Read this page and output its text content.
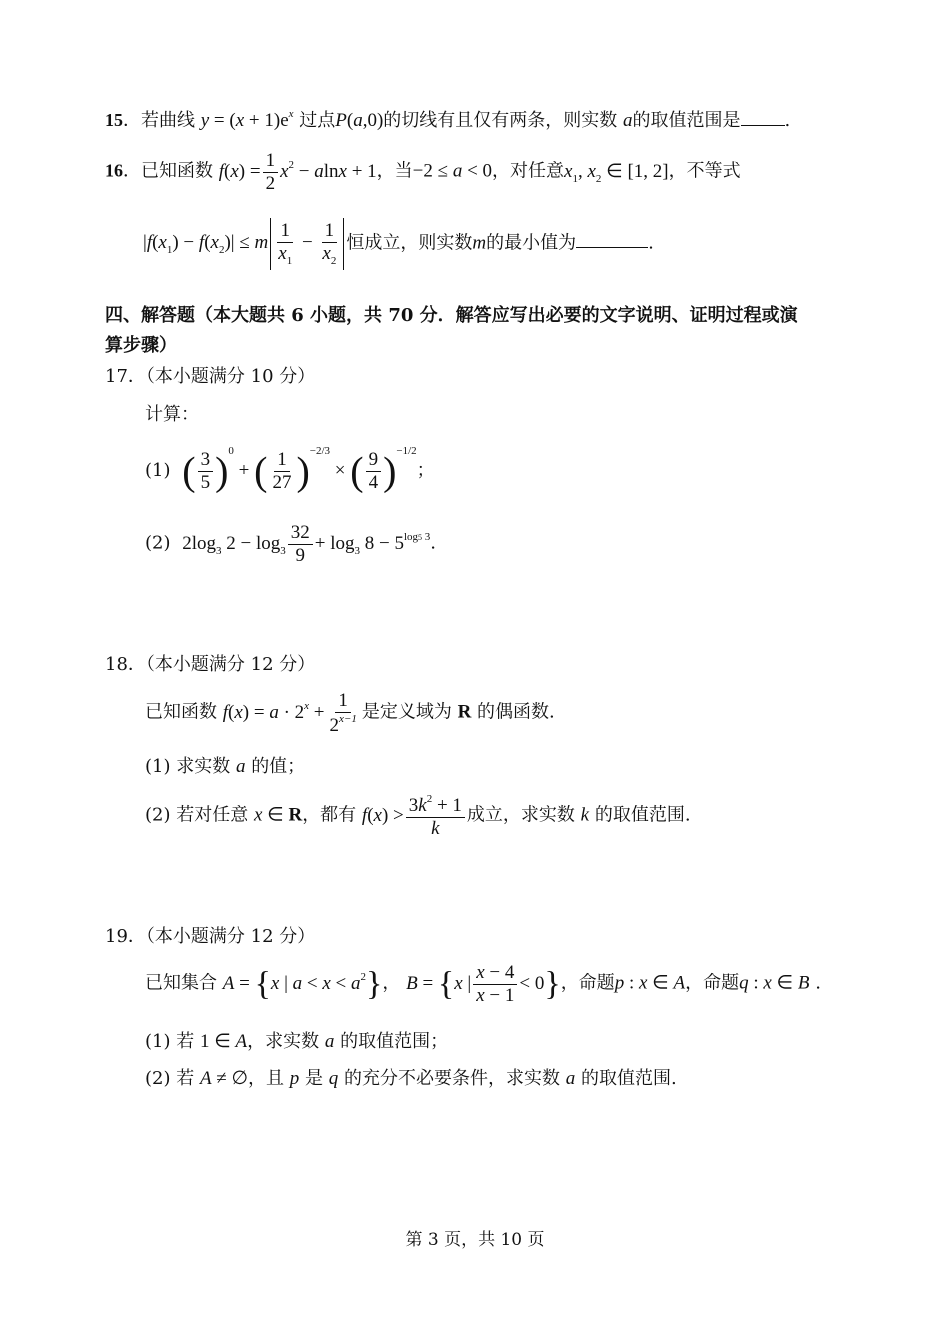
15．若曲线 $y = (x + 1)e^x$ 过点P(a,0)的切线有且仅有两条，则实数 a的取值范围是 .
16．已知函数 $f(x) = \frac{1}{2} x^2 - alnx + 1$，当−2 ≤ a < 0，对任意$x_1$, $x_2$ ∈ [1, 2]，不等式
$|f(x_1) - f(x_2)| \le m \frac{1}{x_1} - \frac{1}{x_2}$ 恒成立，则实数m的最小值为	.
四、解答题（本大题共 6 小题，共 70 分．解答应写出必要的文字说明、证明过程或演
算步骤）
17．（本小题满分 10 分）
计算：
(1) ( $\frac{3}{5} )^0$ + ( $\frac{1}{27} )^{-2/3}$ × ( $\frac{9}{4} )^{-1/2}$；
(2) $2\log_3$ $2 - \log_3 \frac{32}{9} + \log_3 8 - 5^{log5 3}$.
18．（本小题满分 12 分）
已知函数 $f(x) = a \cdot 2^x + \frac{1}{2^{x-1}}$ 是定义域为 R 的偶函数.
(1) 求实数 a 的值；
(2) 若对任意 x ∈ R，都有 $f(x) > \frac{3k^2 + 1}{k}$ 成立，求实数 k 的取值范围.
19．（本小题满分 12 分）
已知集合 A = {x | $a < x < a^2$}， B = {x | $\frac{x - 4}{x - 1} < 0$}，命题p : x ∈ A，命题q : x ∈ B .
(1) 若 1 ∈ A，求实数 a 的取值范围；
(2) 若 A ≠ ∅，且 p 是 q 的充分不必要条件，求实数 a 的取值范围.
第 3 页，共 10 页
